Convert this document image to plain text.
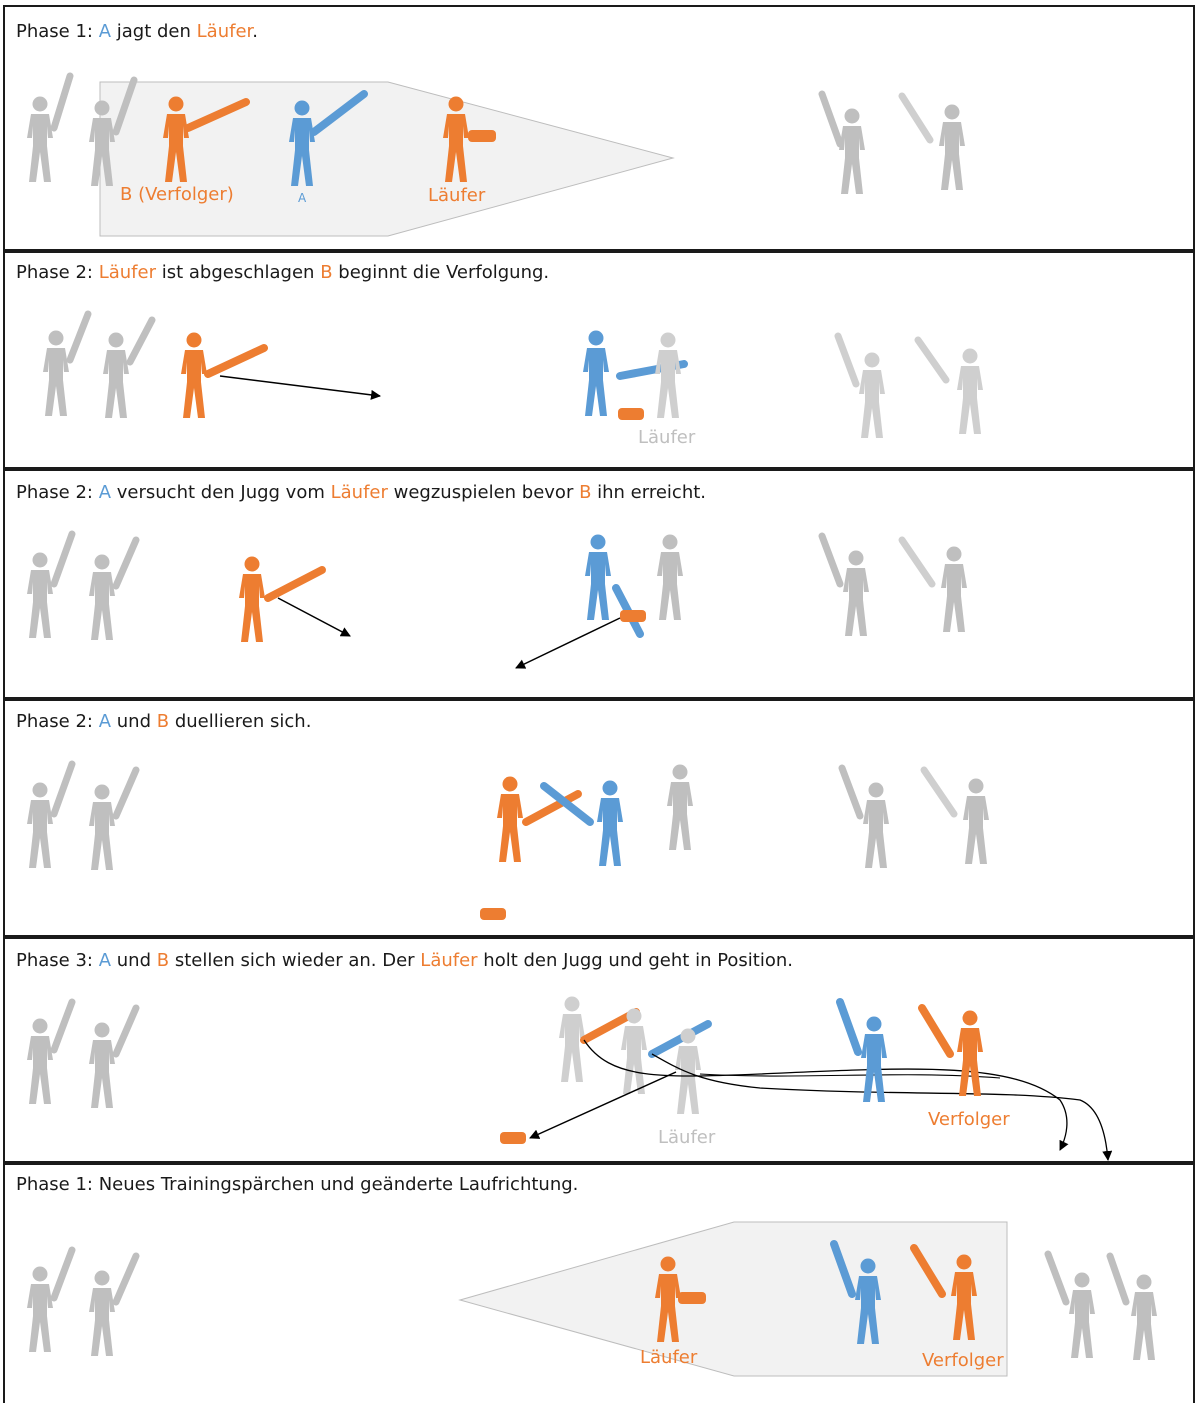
Phase 1: A jagt den Läufer.
B (Verfolger)	A	Läufer
Phase 2: Läufer ist abgeschlagen B beginnt die Verfolgung.
Läufer
Phase 2: A versucht den Jugg vom Läufer wegzuspielen bevor B ihn erreicht.
Phase 2: A und B duellieren sich.
Phase 3: A und B stellen sich wieder an. Der Läufer holt den Jugg und geht in Position.
Läufer
Verfolger
Phase 1: Neues Trainingspärchen und geänderte Laufrichtung.
Läufer	Verfolger
